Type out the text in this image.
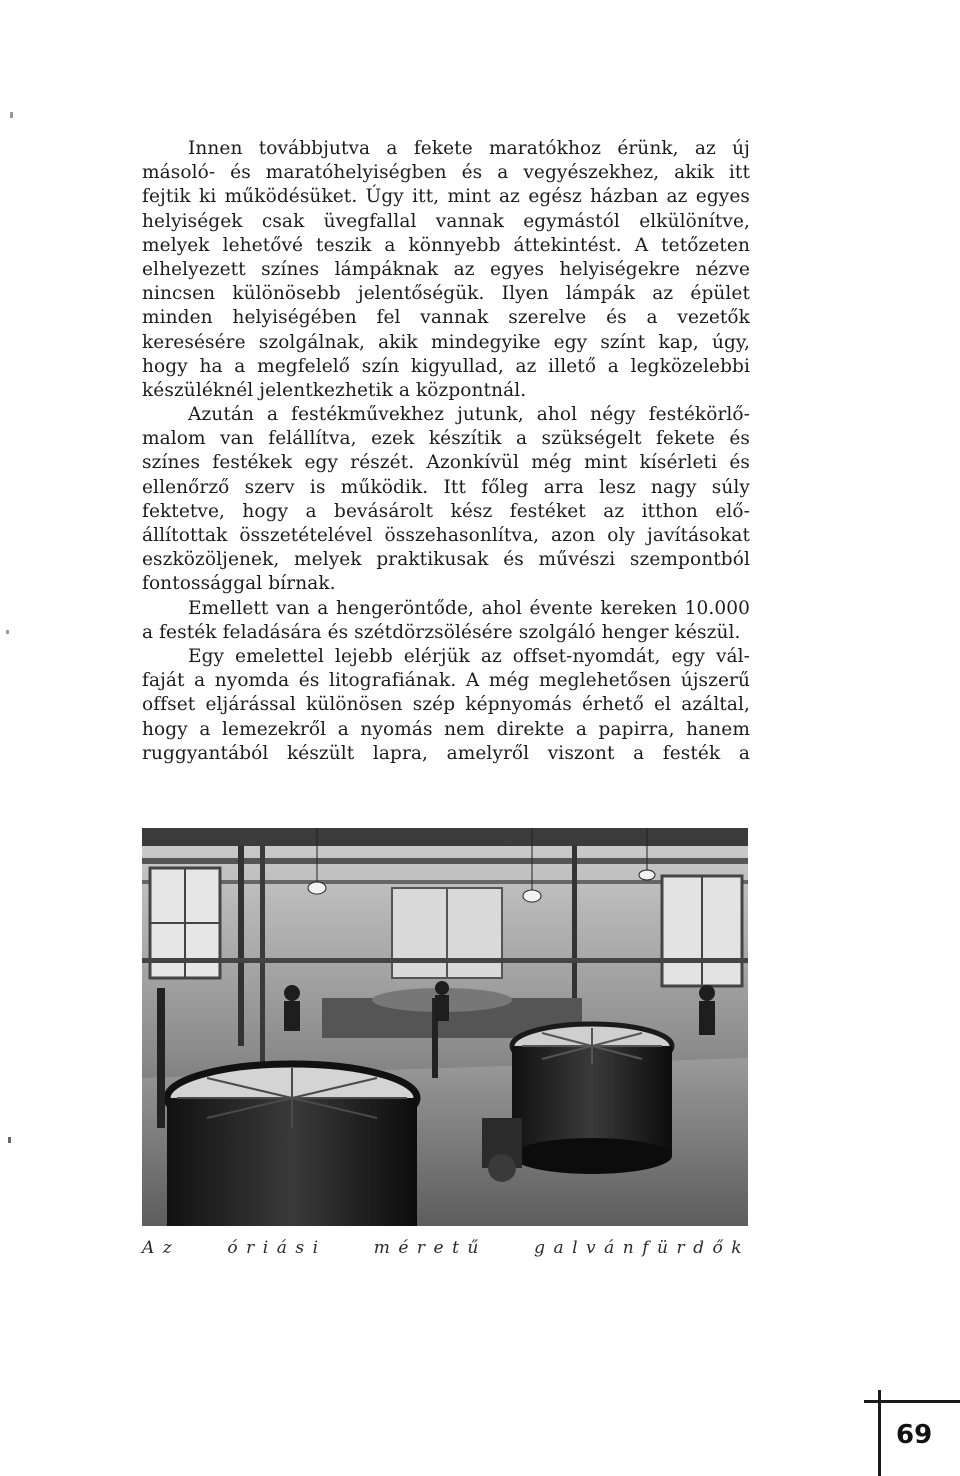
Innen továbbjutva a fekete maratókhoz érünk, az új
másoló- és maratóhelyiségben és a vegyészekhez, akik itt
fejtik ki működésüket. Úgy itt, mint az egész házban az egyes
helyiségek csak üvegfallal vannak egymástól elkülönítve,
melyek lehetővé teszik a könnyebb áttekintést. A tetőzeten
elhelyezett színes lámpáknak az egyes helyiségekre nézve
nincsen különösebb jelentőségük. Ilyen lámpák az épület
minden helyiségében fel vannak szerelve és a vezetők
keresésére szolgálnak, akik mindegyike egy színt kap, úgy,
hogy ha a megfelelő szín kigyullad, az illető a legközelebbi
készüléknél jelentkezhetik a központnál.
Azután a festékművekhez jutunk, ahol négy festékörlő-
malom van felállítva, ezek készítik a szükségelt fekete és
színes festékek egy részét. Azonkívül még mint kísérleti és
ellenőrző szerv is működik. Itt főleg arra lesz nagy súly
fektetve, hogy a bevásárolt kész festéket az itthon elő-
állítottak összetételével összehasonlítva, azon oly javításokat
eszközöljenek, melyek praktikusak és művészi szempontból
fontossággal bírnak.
Emellett van a hengeröntőde, ahol évente kereken 10.000
a festék feladására és szétdörzsölésére szolgáló henger készül.
Egy emelettel lejebb elérjük az offset-nyomdát, egy vál-
faját a nyomda és litografiának. A még meglehetősen újszerű
offset eljárással különösen szép képnyomás érhető el azáltal,
hogy a lemezekről a nyomás nem direkte a papirra, hanem
ruggyantából készült lapra, amelyről viszont a festék a
Az óriási méretű galvánfürdők
69
